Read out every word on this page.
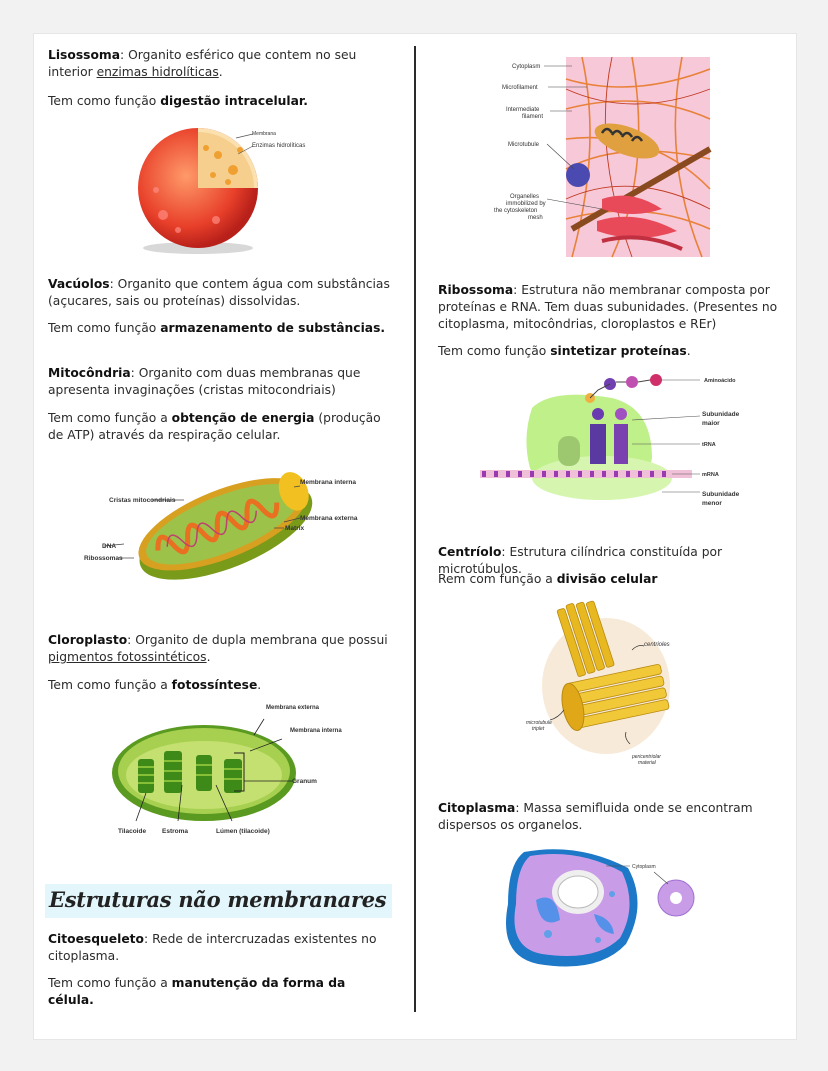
Lisossoma: Organito esférico que contem no seu interior enzimas hidrolíticas.

Tem como função digestão intracelular.

Membrana
Enzimas hidrolíticas

Vacúolos: Organito que contem água com substâncias (açucares, sais ou proteínas) dissolvidas.

Tem como função armazenamento de substâncias.

Mitocôndria: Organito com duas membranas que apresenta invaginações (cristas mitocondriais)

Tem como função a obtenção de energia (produção de ATP) através da respiração celular.

Membrana interna
Cristas mitocondriais
Membrana externa
Matrix
DNA
Ribossomas

Cloroplasto: Organito de dupla membrana que possui pigmentos fotossintéticos.

Tem como função a fotossíntese.

Membrana externa
Membrana interna
Granum
Tilacoide Estroma	Lúmen (tilacoide)
Estruturas não membranares

Citoesqueleto: Rede de intercruzadas existentes no citoplasma.

Tem como função a manutenção da forma da célula.

Cytoplasm
Microfilament
Intermediate filament
Microtubule
Organelles immobilized by the cytoskeleton mesh

Ribossoma: Estrutura não membranar composta por proteínas e RNA. Tem duas subunidades. (Presentes no citoplasma, mitocôndrias, cloroplastos e REr)

Tem como função sintetizar proteínas.

Aminoácido
Subunidade maior
tRNA
mRNA
Subunidade menor

Centríolo: Estrutura cilíndrica constituída por microtúbulos.

Rem com função a divisão celular

centrioles
microtubule triplet
pericentriolar material

Citoplasma: Massa semifluida onde se encontram dispersos os organelos.

Cytoplasm
